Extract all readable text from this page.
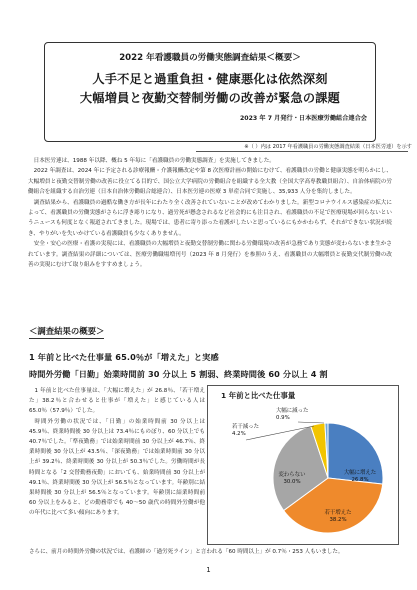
2022 年看護職員の労働実態調査結果＜概要＞
人手不足と過重負担・健康悪化は依然深刻
大幅増員と夜勤交替制労働の改善が緊急の課題
2023 年 7 月発行・日本医療労働組合連合会
※（ ）内は 2017 年看護職員の労働実態調査結果（日本医労連）を示す

日本医労連は、1988 年以降、概ね 5 年毎に「看護職員の労働実態調査」を実施してきました。

2022 年調査は、2024 年に予定される診療報酬・介護報酬改定や第 8 次医療計画の開始にむけて、看護職員の労働と健康実態を明らかにし、大幅増員と夜勤交替制労働の改善に役立てる目的で、国公立大学病院の労働組合を組織する全大教（全国大学高専教職員組合）、自治体病院の労働組合を組織する自治労連（日本自治体労働組合総連合）、日本医労連の医療 3 単産合同で実施し、35,933 人分を集約しました。

調査結果から、看護職員の過酷な働き方が長年にわたり全く改善されていないことが改めてわかりました。新型コロナウイルス感染症の拡大によって、看護職員の労働実態がさらに浮き彫りになり、過労死が懸念されるなど社会的にも注目され、看護職員の不足で医療現場が回らないというニュースも何度となく報道されてきました。現場では、患者に寄り添った看護がしたいと思っているにもかかわらず、それができない状況が続き、やりがいを失いかけている看護職員も少なくありません。

安全・安心の医療・看護の実現には、看護職員の大幅増員と夜勤交替制労働に関わる労働環境の改善が急務であり実態が変わらないまま生かされています。調査結果の詳細については、医療労働職場増刊号（2023 年 8 月発行）を参照のうえ、看護職員の大幅増員と夜勤交代制労働の改善の実現にむけて取り組みをすすめましょう。

＜調査結果の概要＞
1 年前と比べた仕事量 65.0％が「増えた」と実感
時間外労働「日勤」始業時間前 30 分以上 5 割弱、終業時間後 60 分以上 4 割

1 年前と比べた仕事量は、「大幅に増えた」が 26.8％、「若干増えた」38.2％と合わせると仕事が「増えた」と感じている人は 65.0％（57.9％）でした。

時間外労働の状況では、「日勤」の始業時間前 30 分以上は 45.9％、終業時間後 30 分以上は 73.4％にものぼり、60 分以上でも 40.7％でした。「準夜勤務」では始業時間前 30 分以上が 46.7％、終業時間後 30 分以上が 43.5％、「深夜勤務」では始業時間前 30 分以上が 39.2％、終業時間後 30 分以上が 50.3％でした。労働時間が長時間となる「2 交替勤務夜勤」においても、始業時間前 30 分以上が 49.1％、終業時間後 30 分以上が 56.5％となっています。年齢別に結果時間後 30 分以上が 56.5％となっています。年齢別に結業時間前 60 分以上をみると、どの勤務帯でも 40～50 歳代の時間外労働が他の年代に比べて多い傾向にあります。

1 年前と比べた仕事量
大幅に増えた 26.8%
若干増えた 38.2%
変わらない 30.0%
若干減った 4.2%
大幅に減った 0.9%

さらに、前月の時間外労働の状況では、看護師の「過労死ライン」と言われる「60 時間以上」が 0.7％・253 人もいました。

1
